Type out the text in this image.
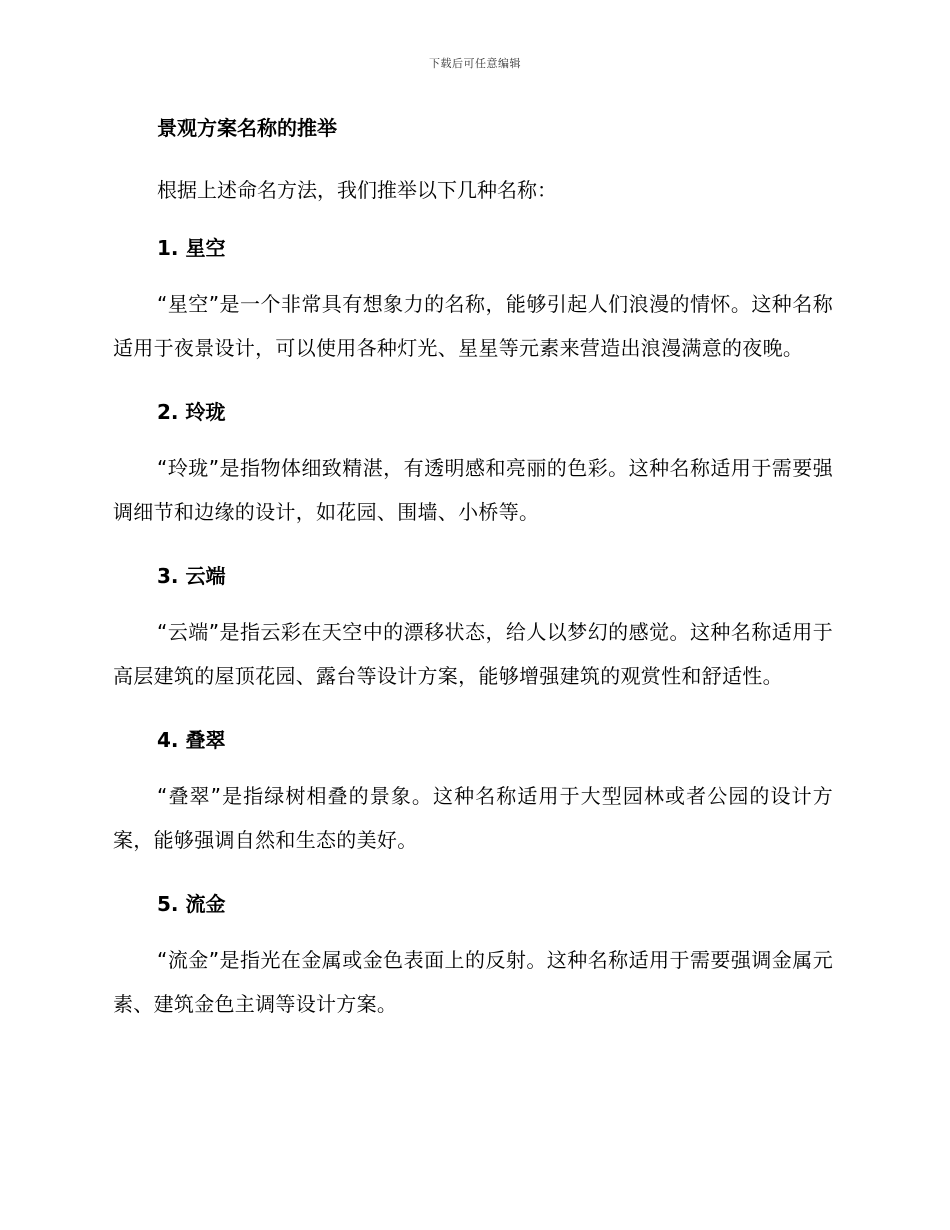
下载后可任意编辑
景观方案名称的推举
根据上述命名方法，我们推举以下几种名称：
1. 星空

“星空”是一个非常具有想象力的名称，能够引起人们浪漫的情怀。这种名称适用于夜景设计，可以使用各种灯光、星星等元素来营造出浪漫满意的夜晚。

2. 玲珑

“玲珑”是指物体细致精湛，有透明感和亮丽的色彩。这种名称适用于需要强调细节和边缘的设计，如花园、围墙、小桥等。

3. 云端

“云端”是指云彩在天空中的漂移状态，给人以梦幻的感觉。这种名称适用于高层建筑的屋顶花园、露台等设计方案，能够增强建筑的观赏性和舒适性。

4. 叠翠

“叠翠”是指绿树相叠的景象。这种名称适用于大型园林或者公园的设计方案，能够强调自然和生态的美好。

5. 流金

“流金”是指光在金属或金色表面上的反射。这种名称适用于需要强调金属元素、建筑金色主调等设计方案。
